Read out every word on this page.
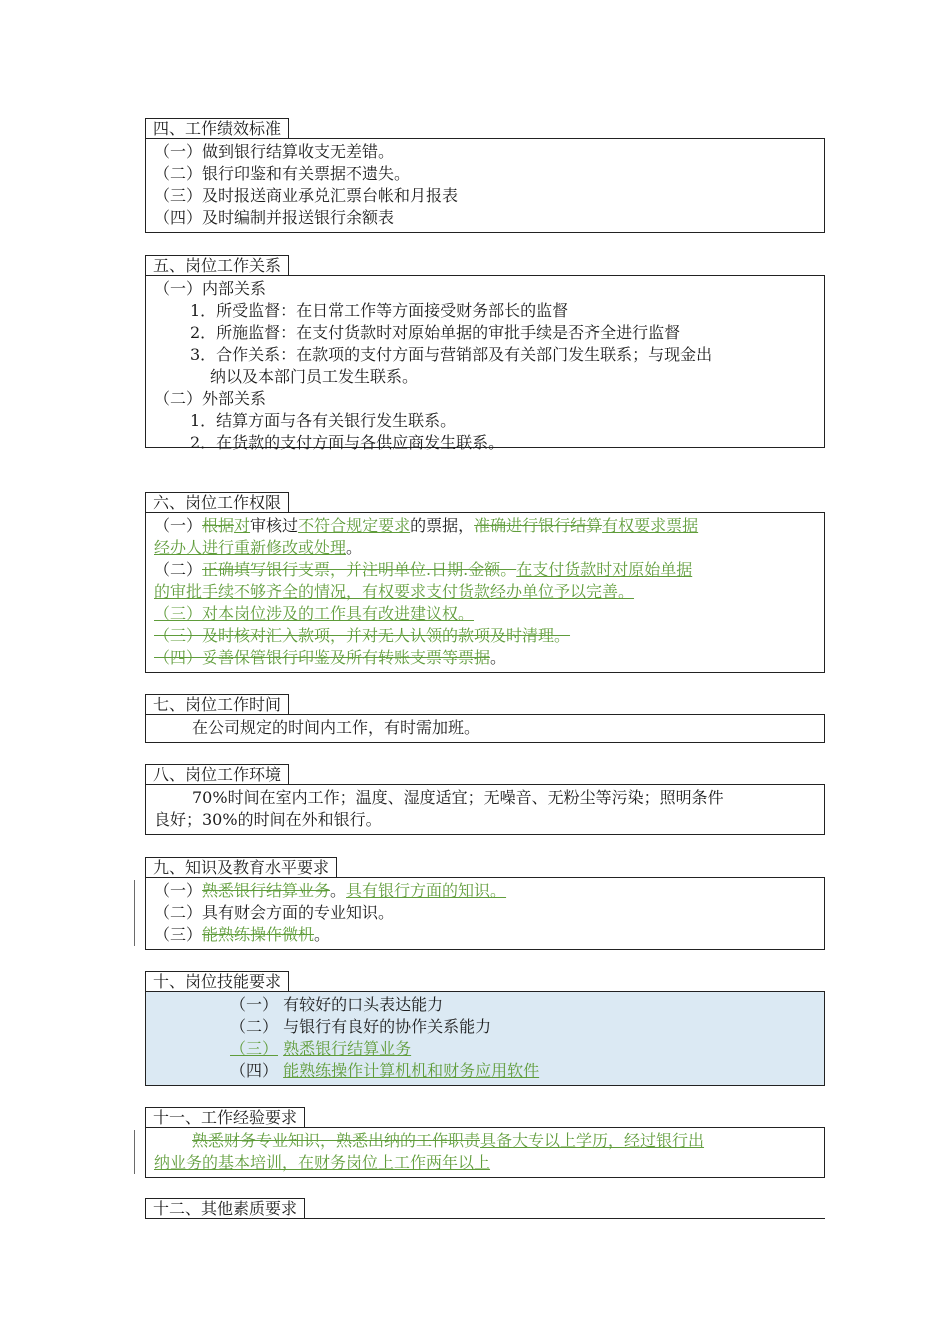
四、工作绩效标准
（一）做到银行结算收支无差错。
（二）银行印鉴和有关票据不遗失。
（三）及时报送商业承兑汇票台帐和月报表
（四）及时编制并报送银行余额表
五、岗位工作关系
（一）内部关系
1．所受监督：在日常工作等方面接受财务部长的监督
2．所施监督：在支付货款时对原始单据的审批手续是否齐全进行监督
3．合作关系：在款项的支付方面与营销部及有关部门发生联系；与现金出
纳以及本部门员工发生联系。
（二）外部关系
1．结算方面与各有关银行发生联系。
2．在货款的支付方面与各供应商发生联系。
六、岗位工作权限
（一）根据对审核过不符合规定要求的票据，准确进行银行结算有权要求票据
经办人进行重新修改或处理。
（二）正确填写银行支票，并注明单位.日期.金额。在支付货款时对原始单据
的审批手续不够齐全的情况，有权要求支付货款经办单位予以完善。
（三）对本岗位涉及的工作具有改进建议权。
（三）及时核对汇入款项，并对无人认领的款项及时清理。
（四）妥善保管银行印鉴及所有转账支票等票据。
七、岗位工作时间
在公司规定的时间内工作，有时需加班。
八、岗位工作环境
70%时间在室内工作；温度、湿度适宜；无噪音、无粉尘等污染；照明条件
良好；30%的时间在外和银行。
九、知识及教育水平要求
（一）熟悉银行结算业务。具有银行方面的知识。
（二）具有财会方面的专业知识。
（三）能熟练操作微机。
十、岗位技能要求
（一） 有较好的口头表达能力
（二） 与银行有良好的协作关系能力
（三） 熟悉银行结算业务
（四） 能熟练操作计算机机和财务应用软件
十一、工作经验要求
熟悉财务专业知识，熟悉出纳的工作职责具备大专以上学历，经过银行出
纳业务的基本培训，在财务岗位上工作两年以上
十二、其他素质要求
